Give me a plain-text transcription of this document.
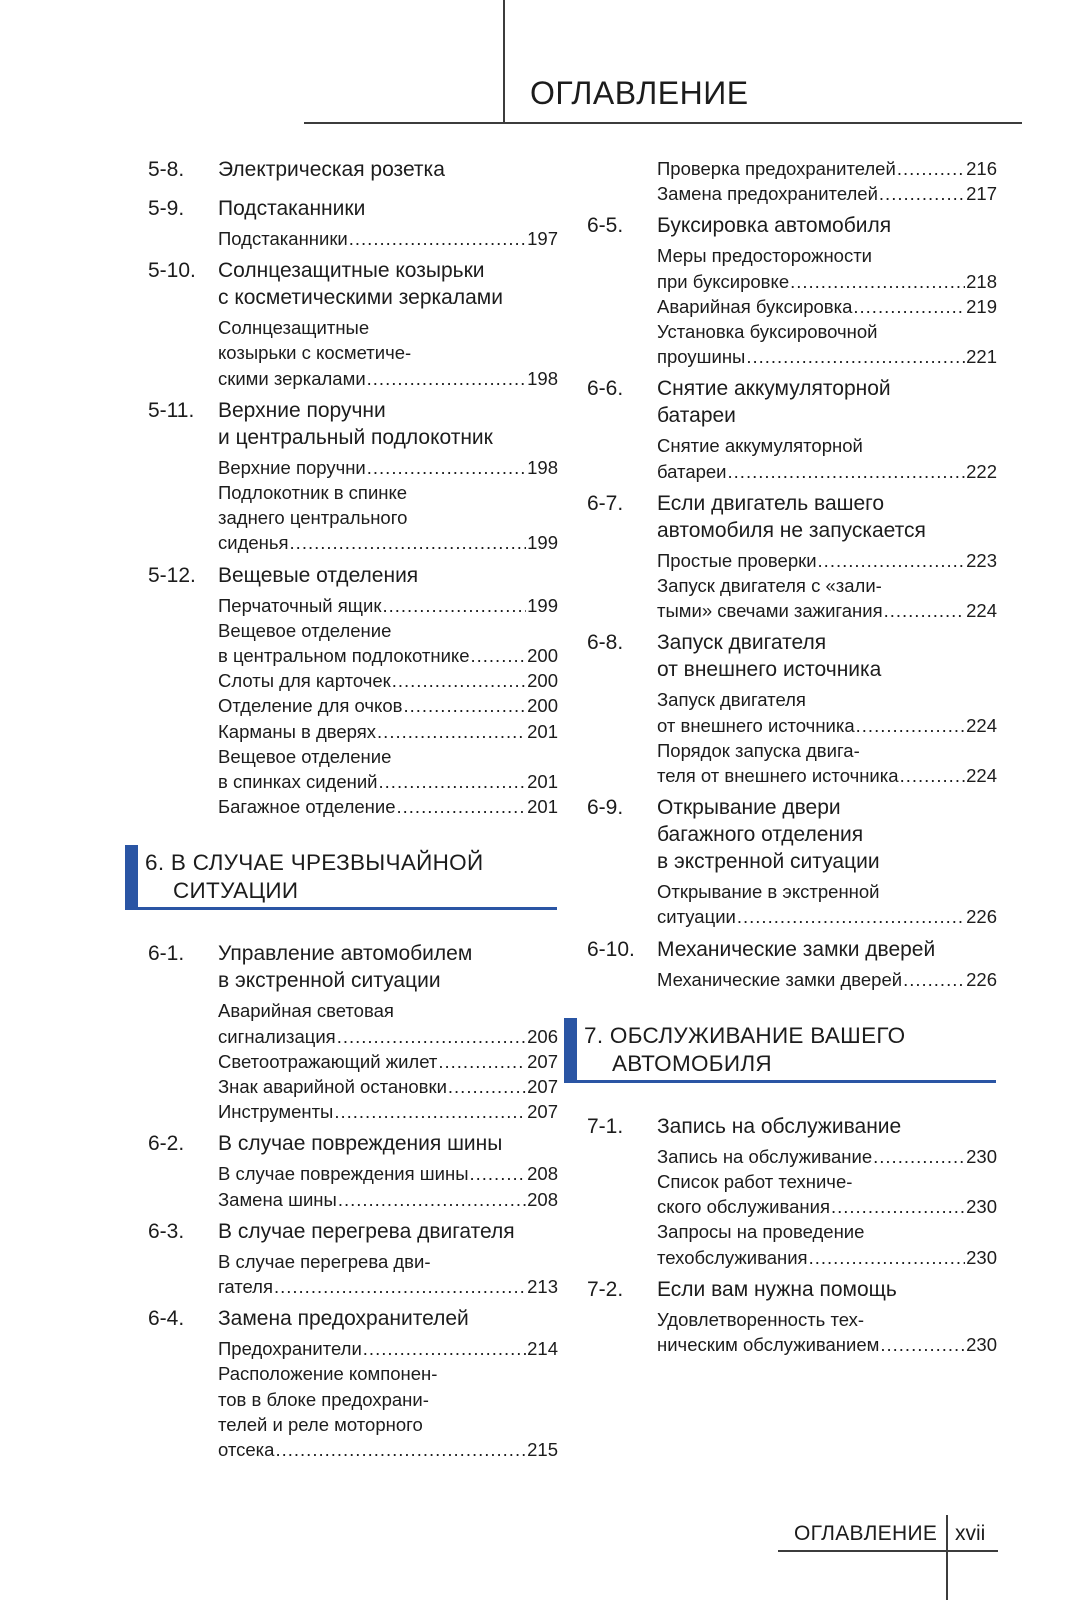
ОГЛАВЛЕНИЕ
5-8. Электрическая розетка
5-9. Подстаканники
Подстаканники .....	197
5-10. Солнцезащитные козырьки
с косметическими зеркалами
Солнцезащитные
козырьки с косметиче-
скими зеркалами .....	198
5-11. Верхние поручни
и центральный подлокотник
Верхние поручни .....	198
Подлокотник в спинке
заднего центрального
сиденья .....	199
5-12. Вещевые отделения
Перчаточный ящик .....	199
Вещевое отделение
в центральном подлокотнике .....	200
Слоты для карточек .....	200
Отделение для очков .....	200
Карманы в дверях .....	201
Вещевое отделение
в спинках сидений .....	201
Багажное отделение .....	201
6. В СЛУЧАЕ ЧРЕЗВЫЧАЙНОЙ
СИТУАЦИИ
6-1. Управление автомобилем
в экстренной ситуации
Аварийная световая
сигнализация .....	206
Светоотражающий жилет .....	207
Знак аварийной остановки .....	207
Инструменты .....	207
6-2. В случае повреждения шины
В случае повреждения шины .....	208
Замена шины .....	208
6-3. В случае перегрева двигателя
В случае перегрева дви-
гателя .....	213
6-4. Замена предохранителей
Предохранители .....	214
Расположение компонен-
тов в блоке предохрани-
телей и реле моторного
отсека .....	215
Проверка предохранителей .....	216
Замена предохранителей .....	217
6-5. Буксировка автомобиля
Меры предосторожности
при буксировке .....	218
Аварийная буксировка .....	219
Установка буксировочной
проушины .....	221
6-6. Снятие аккумуляторной
батареи
Снятие аккумуляторной
батареи .....	222
6-7. Если двигатель вашего
автомобиля не запускается
Простые проверки .....	223
Запуск двигателя с «зали-
тыми» свечами зажигания .....	224
6-8. Запуск двигателя
от внешнего источника
Запуск двигателя
от внешнего источника .....	224
Порядок запуска двига-
теля от внешнего источника .....	224
6-9. Открывание двери
багажного отделения
в экстренной ситуации
Открывание в экстренной
ситуации .....	226
6-10. Механические замки дверей
Механические замки дверей .....	226
7. ОБСЛУЖИВАНИЕ ВАШЕГО
АВТОМОБИЛЯ
7-1. Запись на обслуживание
Запись на обслуживание .....	230
Список работ техниче-
ского обслуживания .....	230
Запросы на проведение
техобслуживания .....	230
7-2. Если вам нужна помощь
Удовлетворенность тех-
ническим обслуживанием .....	230
ОГЛАВЛЕНИЕ xvii
